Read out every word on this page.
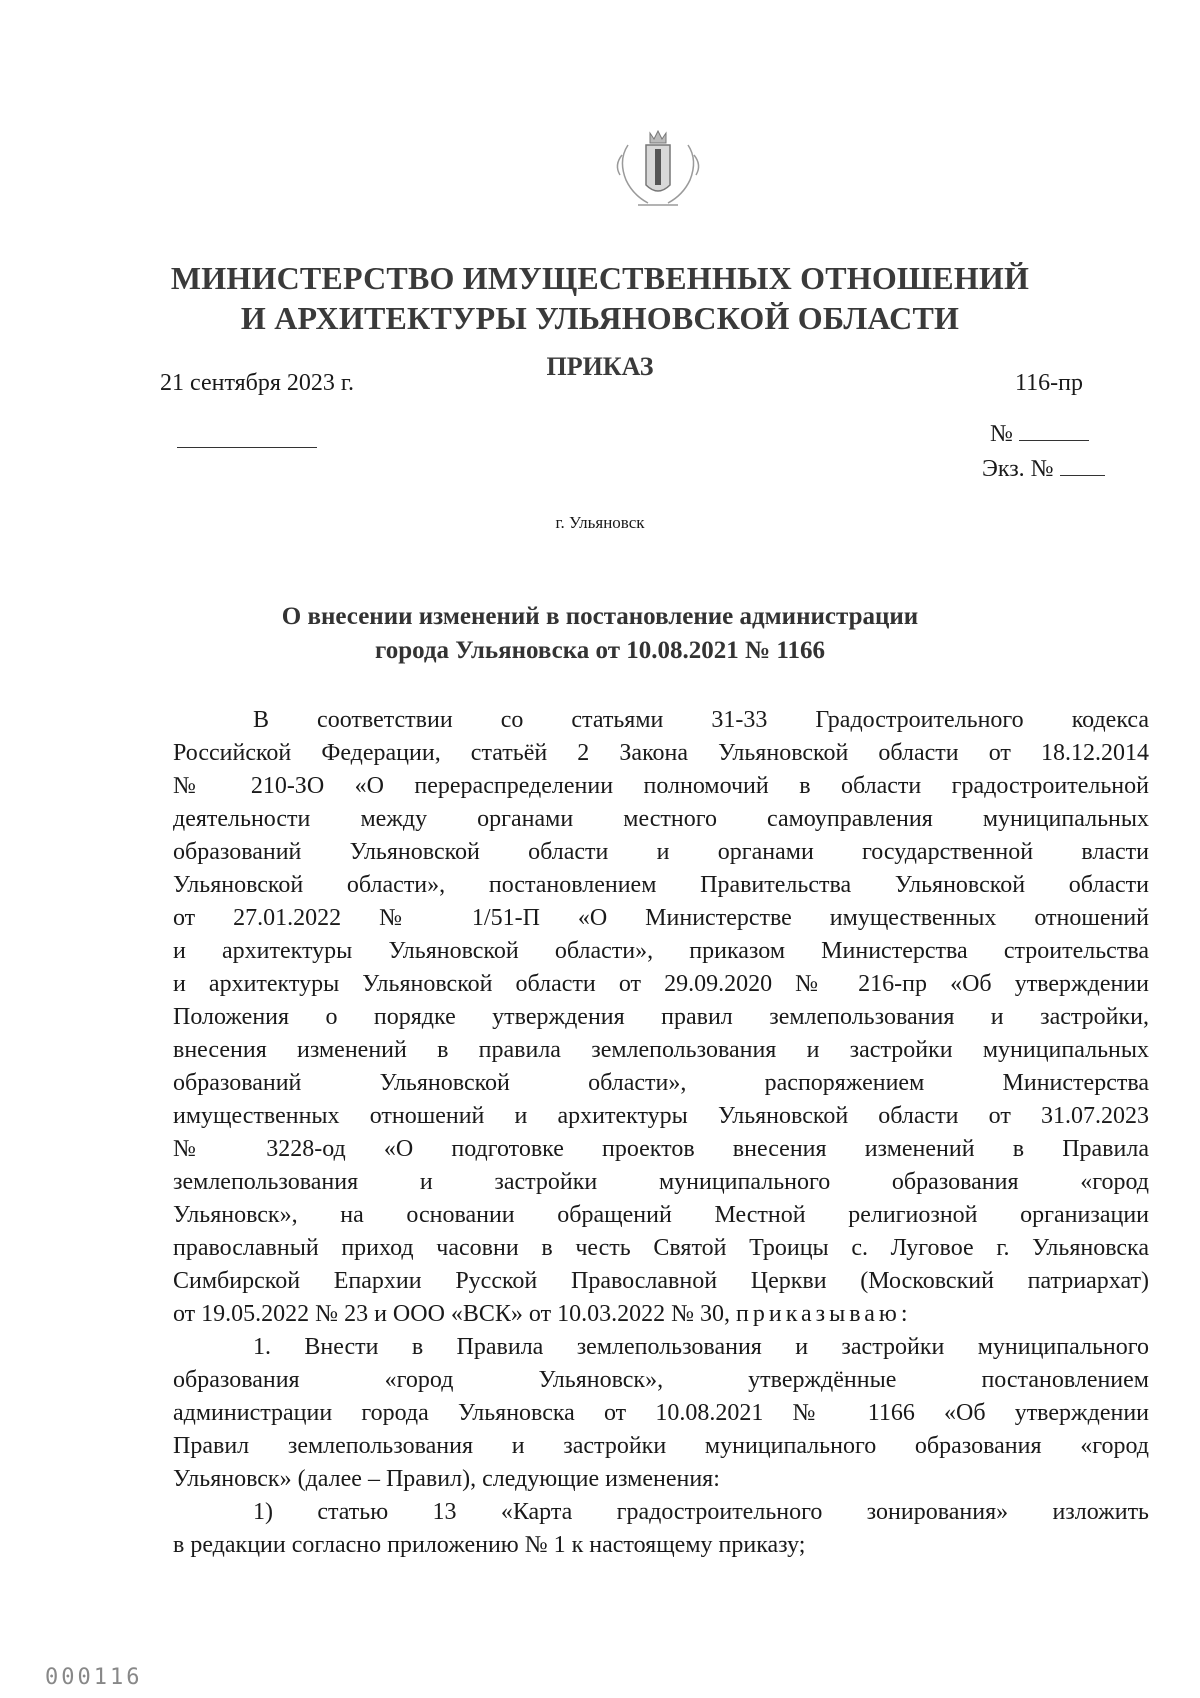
МИНИСТЕРСТВО ИМУЩЕСТВЕННЫХ ОТНОШЕНИЙ
И АРХИТЕКТУРЫ УЛЬЯНОВСКОЙ ОБЛАСТИ
ПРИКАЗ
21 сентября 2023 г.	116-пр
№
Экз. №
г. Ульяновск
О внесении изменений в постановление администрации
города Ульяновска от 10.08.2021 № 1166

В соответствии со статьями 31-33 Градостроительного кодекса

Российской Федерации, статьёй 2 Закона Ульяновской области от 18.12.2014

№ 210-ЗО «О перераспределении полномочий в области градостроительной

деятельности между органами местного самоуправления муниципальных

образований Ульяновской области и органами государственной власти

Ульяновской области», постановлением Правительства Ульяновской области

от 27.01.2022 № 1/51-П «О Министерстве имущественных отношений

и архитектуры Ульяновской области», приказом Министерства строительства

и архитектуры Ульяновской области от 29.09.2020 № 216-пр «Об утверждении

Положения о порядке утверждения правил землепользования и застройки,

внесения изменений в правила землепользования и застройки муниципальных

образований Ульяновской области», распоряжением Министерства

имущественных отношений и архитектуры Ульяновской области от 31.07.2023

№ 3228-од «О подготовке проектов внесения изменений в Правила

землепользования и застройки муниципального образования «город

Ульяновск», на основании обращений Местной религиозной организации

православный приход часовни в честь Святой Троицы с. Луговое г. Ульяновска

Симбирской Епархии Русской Православной Церкви (Московский патриархат)

от 19.05.2022 № 23 и ООО «ВСК» от 10.03.2022 № 30, приказываю:

1. Внести в Правила землепользования и застройки муниципального

образования «город Ульяновск», утверждённые постановлением

администрации города Ульяновска от 10.08.2021 № 1166 «Об утверждении

Правил землепользования и застройки муниципального образования «город

Ульяновск» (далее – Правил), следующие изменения:

1) статью 13 «Карта градостроительного зонирования» изложить

в редакции согласно приложению № 1 к настоящему приказу;

000116
